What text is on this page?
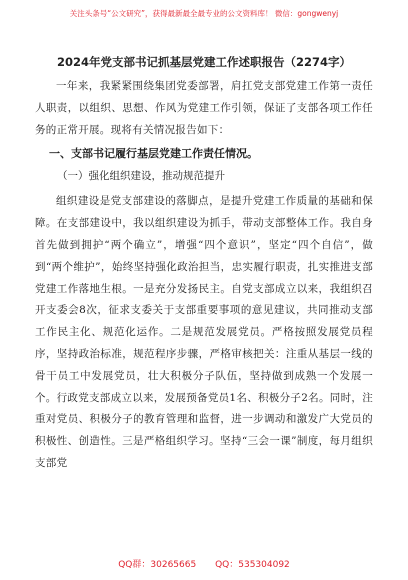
关注头条号“公文研究”，获得最新最全最专业的公文资料库！ 微信：gongwenyj
2024年党支部书记抓基层党建工作述职报告（2274字）

一年来，我紧紧围绕集团党委部署，肩扛党支部党建工作第一责任人职责，以组织、思想、作风为党建工作引领，保证了支部各项工作任务的正常开展。现将有关情况报告如下：

一、支部书记履行基层党建工作责任情况。
（一）强化组织建设，推动规范提升

组织建设是党支部建设的落脚点，是提升党建工作质量的基础和保障。在支部建设中，我以组织建设为抓手，带动支部整体工作。我自身首先做到拥护“两个确立”，增强“四个意识”，坚定“四个自信”，做到“两个维护”，始终坚持强化政治担当，忠实履行职责，扎实推进支部党建工作落地生根。一是充分发扬民主。自党支部成立以来，我组织召开支委会8次，征求支委关于支部重要事项的意见建议，共同推动支部工作民主化、规范化运作。二是规范发展党员。严格按照发展党员程序，坚持政治标准，规范程序步骤，严格审核把关：注重从基层一线的骨干员工中发展党员，壮大积极分子队伍，坚持做到成熟一个发展一个。行政党支部成立以来，发展预备党员1名、积极分子2名。同时，注重对党员、积极分子的教育管理和监督，进一步调动和激发广大党员的积极性、创造性。三是严格组织学习。坚持“三会一课”制度，每月组织支部党

QQ群：30265665 QQ：535304092
